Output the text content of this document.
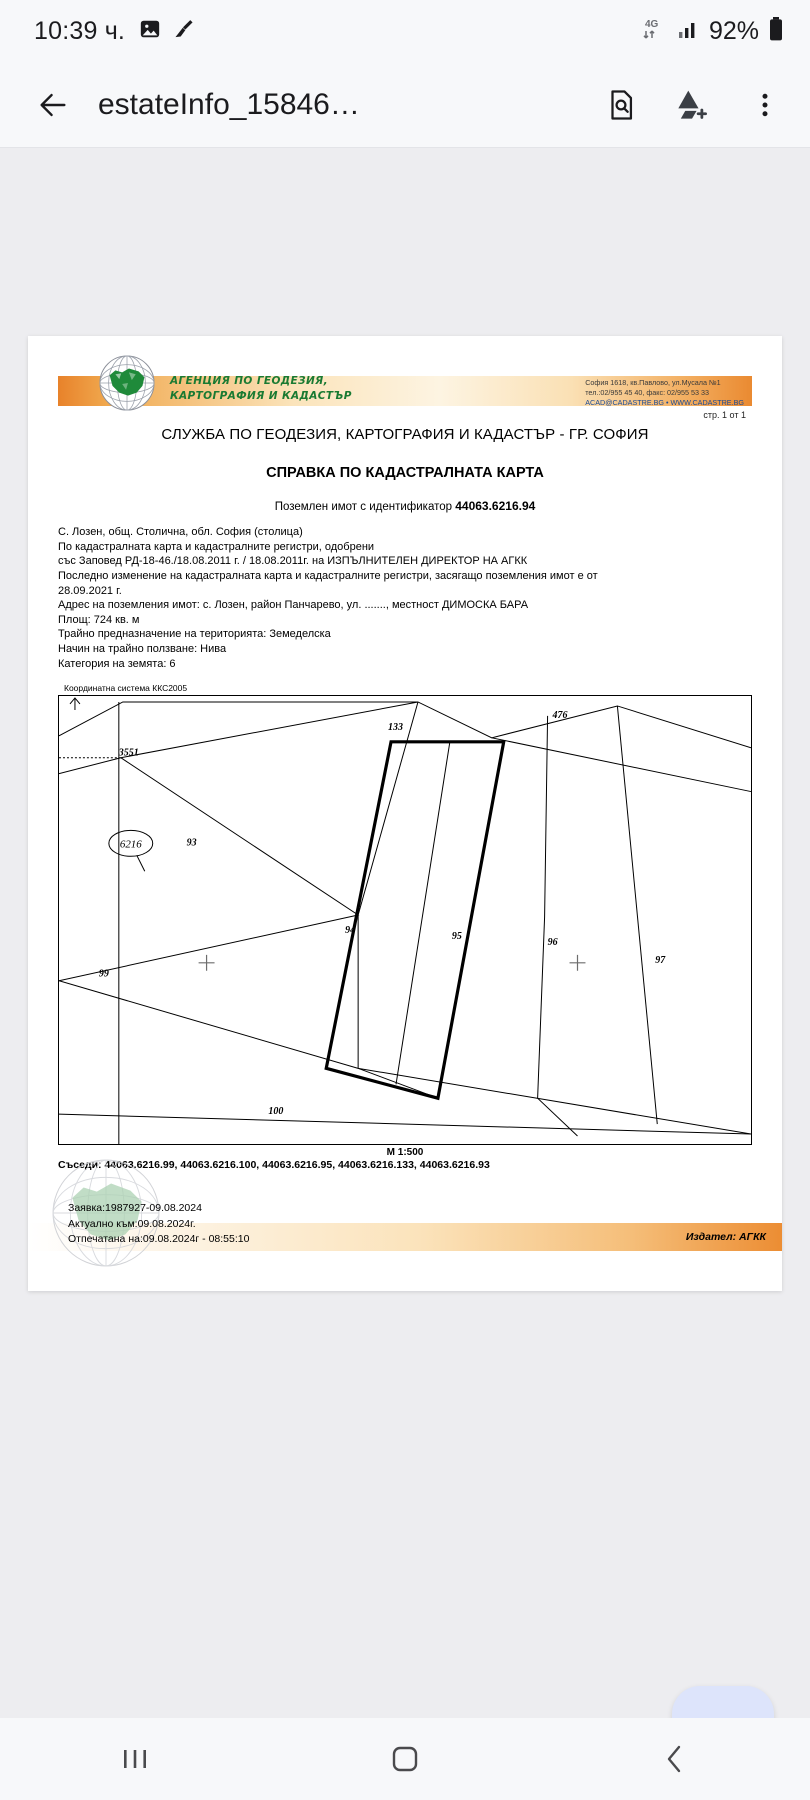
10:39 ч.	4G 92%
estateInfo_15846…
АГЕНЦИЯ ПО ГЕОДЕЗИЯ,
КАРТОГРАФИЯ И КАДАСТЪР
София 1618, кв.Павлово, ул.Мусала №1
тел.:02/955 45 40, факс: 02/955 53 33
ACAD@CADASTRE.BG • WWW.CADASTRE.BG
стр. 1 от 1
СЛУЖБА ПО ГЕОДЕЗИЯ, КАРТОГРАФИЯ И КАДАСТЪР - ГР. СОФИЯ
СПРАВКА ПО КАДАСТРАЛНАТА КАРТА
Поземлен имот с идентификатор 44063.6216.94
С. Лозен, общ. Столична, обл. София (столица)
По кадастралната карта и кадастралните регистри, одобрени
със Заповед РД-18-46./18.08.2011 г. / 18.08.2011г. на ИЗПЪЛНИТЕЛЕН ДИРЕКТОР НА АГКК
Последно изменение на кадастралната карта и кадастралните регистри, засягащо поземления имот е от
28.09.2021 г.
Адрес на поземления имот: с. Лозен, район Панчарево, ул. ......., местност ДИМОСКА БАРА
Площ: 724 кв. м
Трайно предназначение на територията: Земеделска
Начин на трайно ползване: Нива
Категория на земята: 6
Координатна система ККС2005
6216
133
476
3551
93
94
95
96
97
99
100
M 1:500
Съседи: 44063.6216.99, 44063.6216.100, 44063.6216.95, 44063.6216.133, 44063.6216.93
Заявка:1987927-09.08.2024
Актуално към:09.08.2024г.
Отпечатана на:09.08.2024г - 08:55:10	Издател: АГКК
